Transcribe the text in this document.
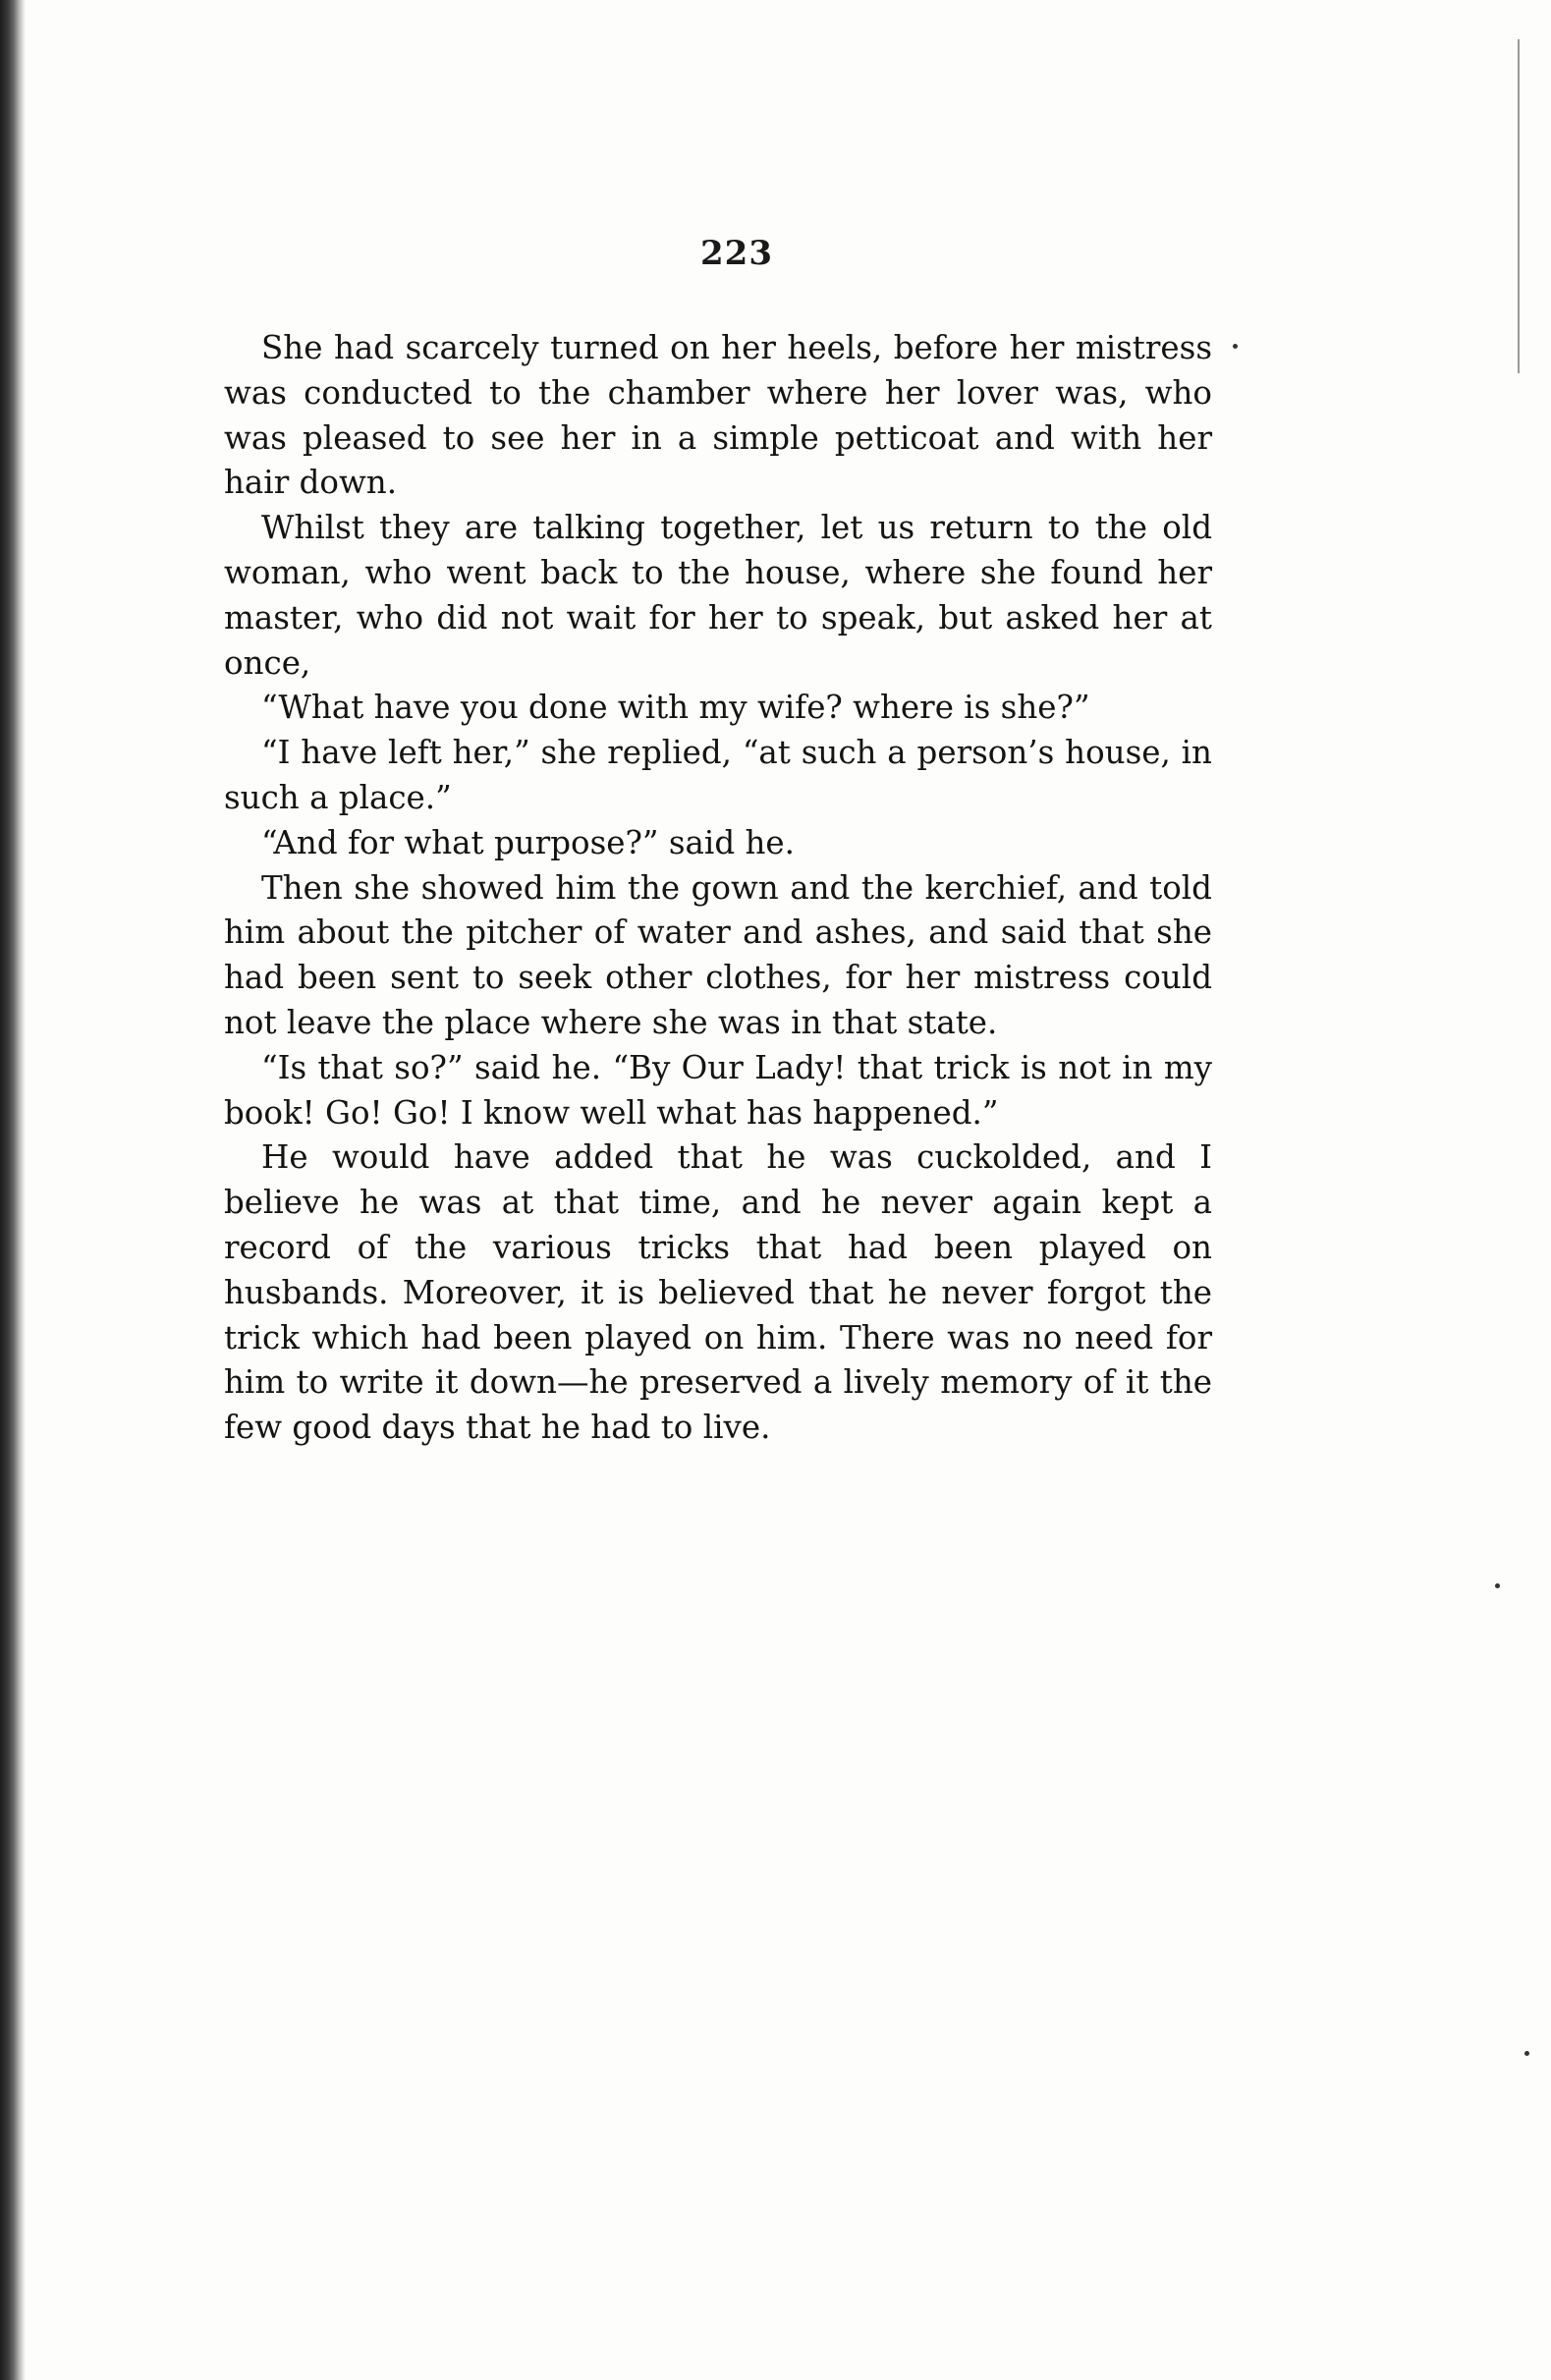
223

She had scarcely turned on her heels, before her mistress was conducted to the chamber where her lover was, who was pleased to see her in a simple petticoat and with her hair down.

Whilst they are talking together, let us return to the old woman, who went back to the house, where she found her master, who did not wait for her to speak, but asked her at once,

“What have you done with my wife? where is she?”

“I have left her,” she replied, “at such a person’s house, in such a place.”

“And for what purpose?” said he.

Then she showed him the gown and the kerchief, and told him about the pitcher of water and ashes, and said that she had been sent to seek other clothes, for her mistress could not leave the place where she was in that state.

“Is that so?” said he. “By Our Lady! that trick is not in my book! Go! Go! I know well what has happened.”

He would have added that he was cuckolded, and I believe he was at that time, and he never again kept a record of the various tricks that had been played on husbands. Moreover, it is believed that he never forgot the trick which had been played on him. There was no need for him to write it down—he preserved a lively memory of it the few good days that he had to live.
